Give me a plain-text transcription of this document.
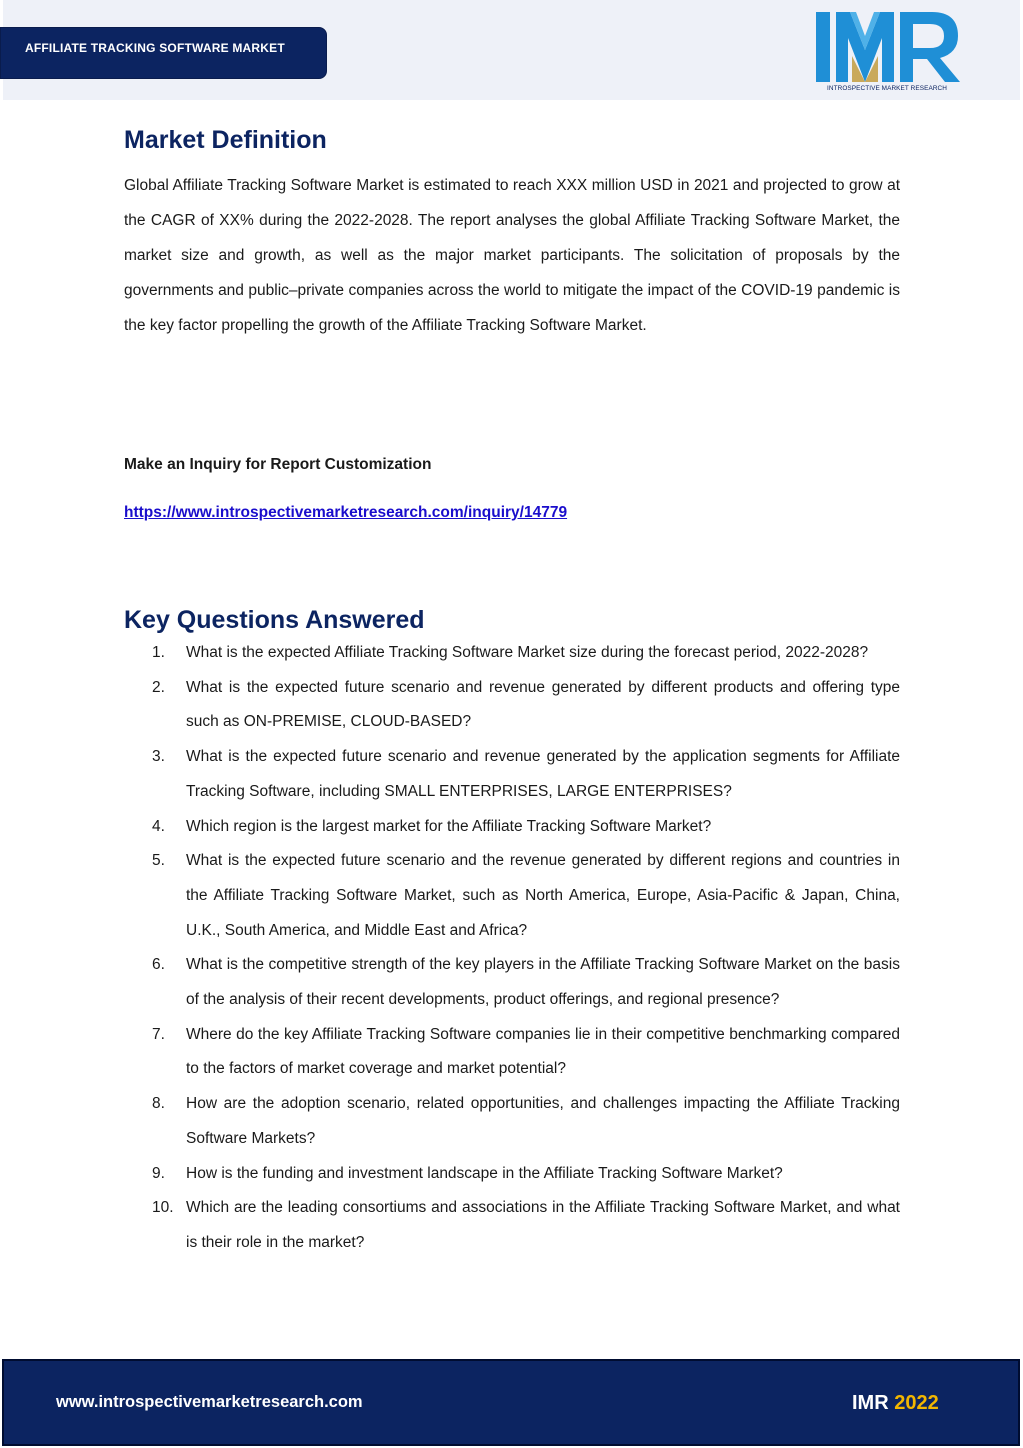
AFFILIATE TRACKING SOFTWARE MARKET
INTROSPECTIVE MARKET RESEARCH
Market Definition

Global Affiliate Tracking Software Market is estimated to reach XXX million USD in 2021 and projected to grow at the CAGR of XX% during the 2022-2028. The report analyses the global Affiliate Tracking Software Market, the market size and growth, as well as the major market participants. The solicitation of proposals by the governments and public–private companies across the world to mitigate the impact of the COVID-19 pandemic is the key factor propelling the growth of the Affiliate Tracking Software Market.

Make an Inquiry for Report Customization
https://www.introspectivemarketresearch.com/inquiry/14779
Key Questions Answered
1. What is the expected Affiliate Tracking Software Market size during the forecast period, 2022-2028?
2. What is the expected future scenario and revenue generated by different products and offering type such as ON-PREMISE, CLOUD-BASED?
3. What is the expected future scenario and revenue generated by the application segments for Affiliate Tracking Software, including SMALL ENTERPRISES, LARGE ENTERPRISES?
4. Which region is the largest market for the Affiliate Tracking Software Market?
5. What is the expected future scenario and the revenue generated by different regions and countries in the Affiliate Tracking Software Market, such as North America, Europe, Asia-Pacific & Japan, China, U.K., South America, and Middle East and Africa?
6. What is the competitive strength of the key players in the Affiliate Tracking Software Market on the basis of the analysis of their recent developments, product offerings, and regional presence?
7. Where do the key Affiliate Tracking Software companies lie in their competitive benchmarking compared to the factors of market coverage and market potential?
8. How are the adoption scenario, related opportunities, and challenges impacting the Affiliate Tracking Software Markets?
9. How is the funding and investment landscape in the Affiliate Tracking Software Market?
10. Which are the leading consortiums and associations in the Affiliate Tracking Software Market, and what is their role in the market?
www.introspectivemarketresearch.com	IMR 2022
